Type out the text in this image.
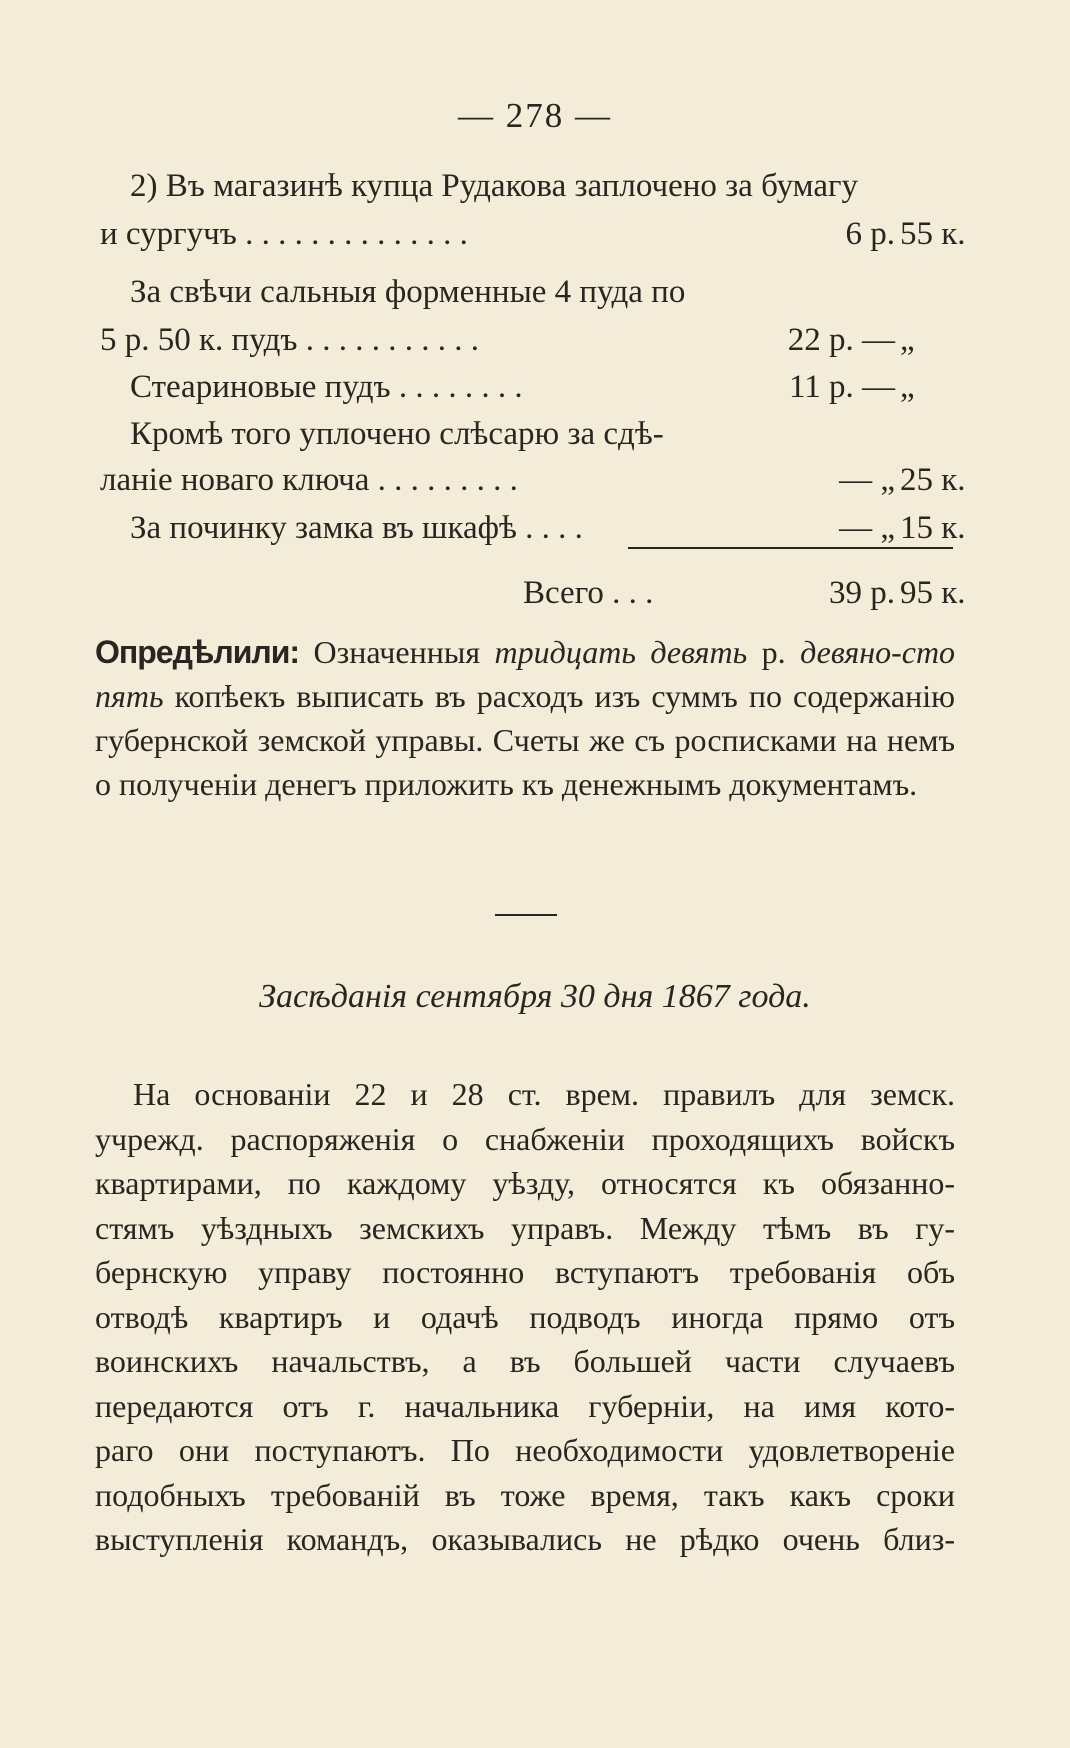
— 278 —
2) Въ магазинѣ купца Рудакова заплочено за бумагу
и сургучъ . . . . . . . . . . . . . .	6 р. 55 к.
За свѣчи сальныя форменные 4 пуда по
5 р. 50 к. пудъ . . . . . . . . . . .	22 р. — „
Стеариновые пудъ . . . . . . . .	11 р. — „
Кромѣ того уплочено слѣсарю за сдѣ-
ланіе новаго ключа . . . . . . . . .	— „ 25 к.
За починку замка въ шкафѣ . . . .	— „ 15 к.
Всего . . .	39 р. 95 к.
Опредѣлили: Означенныя тридцать девять р. девяно-сто пять копѣекъ выписать въ расходъ изъ суммъ по содержанію губернской земской управы. Счеты же съ росписками на немъ о полученіи денегъ приложить къ денежнымъ документамъ.
Засѣданія сентября 30 дня 1867 года.
На основаніи 22 и 28 ст. врем. правилъ для земск.
учрежд. распоряженія о снабженіи проходящихъ войскъ
квартирами, по каждому уѣзду, относятся къ обязанно-
стямъ уѣздныхъ земскихъ управъ. Между тѣмъ въ гу-
бернскую управу постоянно вступаютъ требованія объ
отводѣ квартиръ и одачѣ подводъ иногда прямо отъ
воинскихъ начальствъ, а въ большей части случаевъ
передаются отъ г. начальника губерніи, на имя кото-
раго они поступаютъ. По необходимости удовлетвореніе
подобныхъ требованій въ тоже время, такъ какъ сроки
выступленія командъ, оказывались не рѣдко очень близ-
